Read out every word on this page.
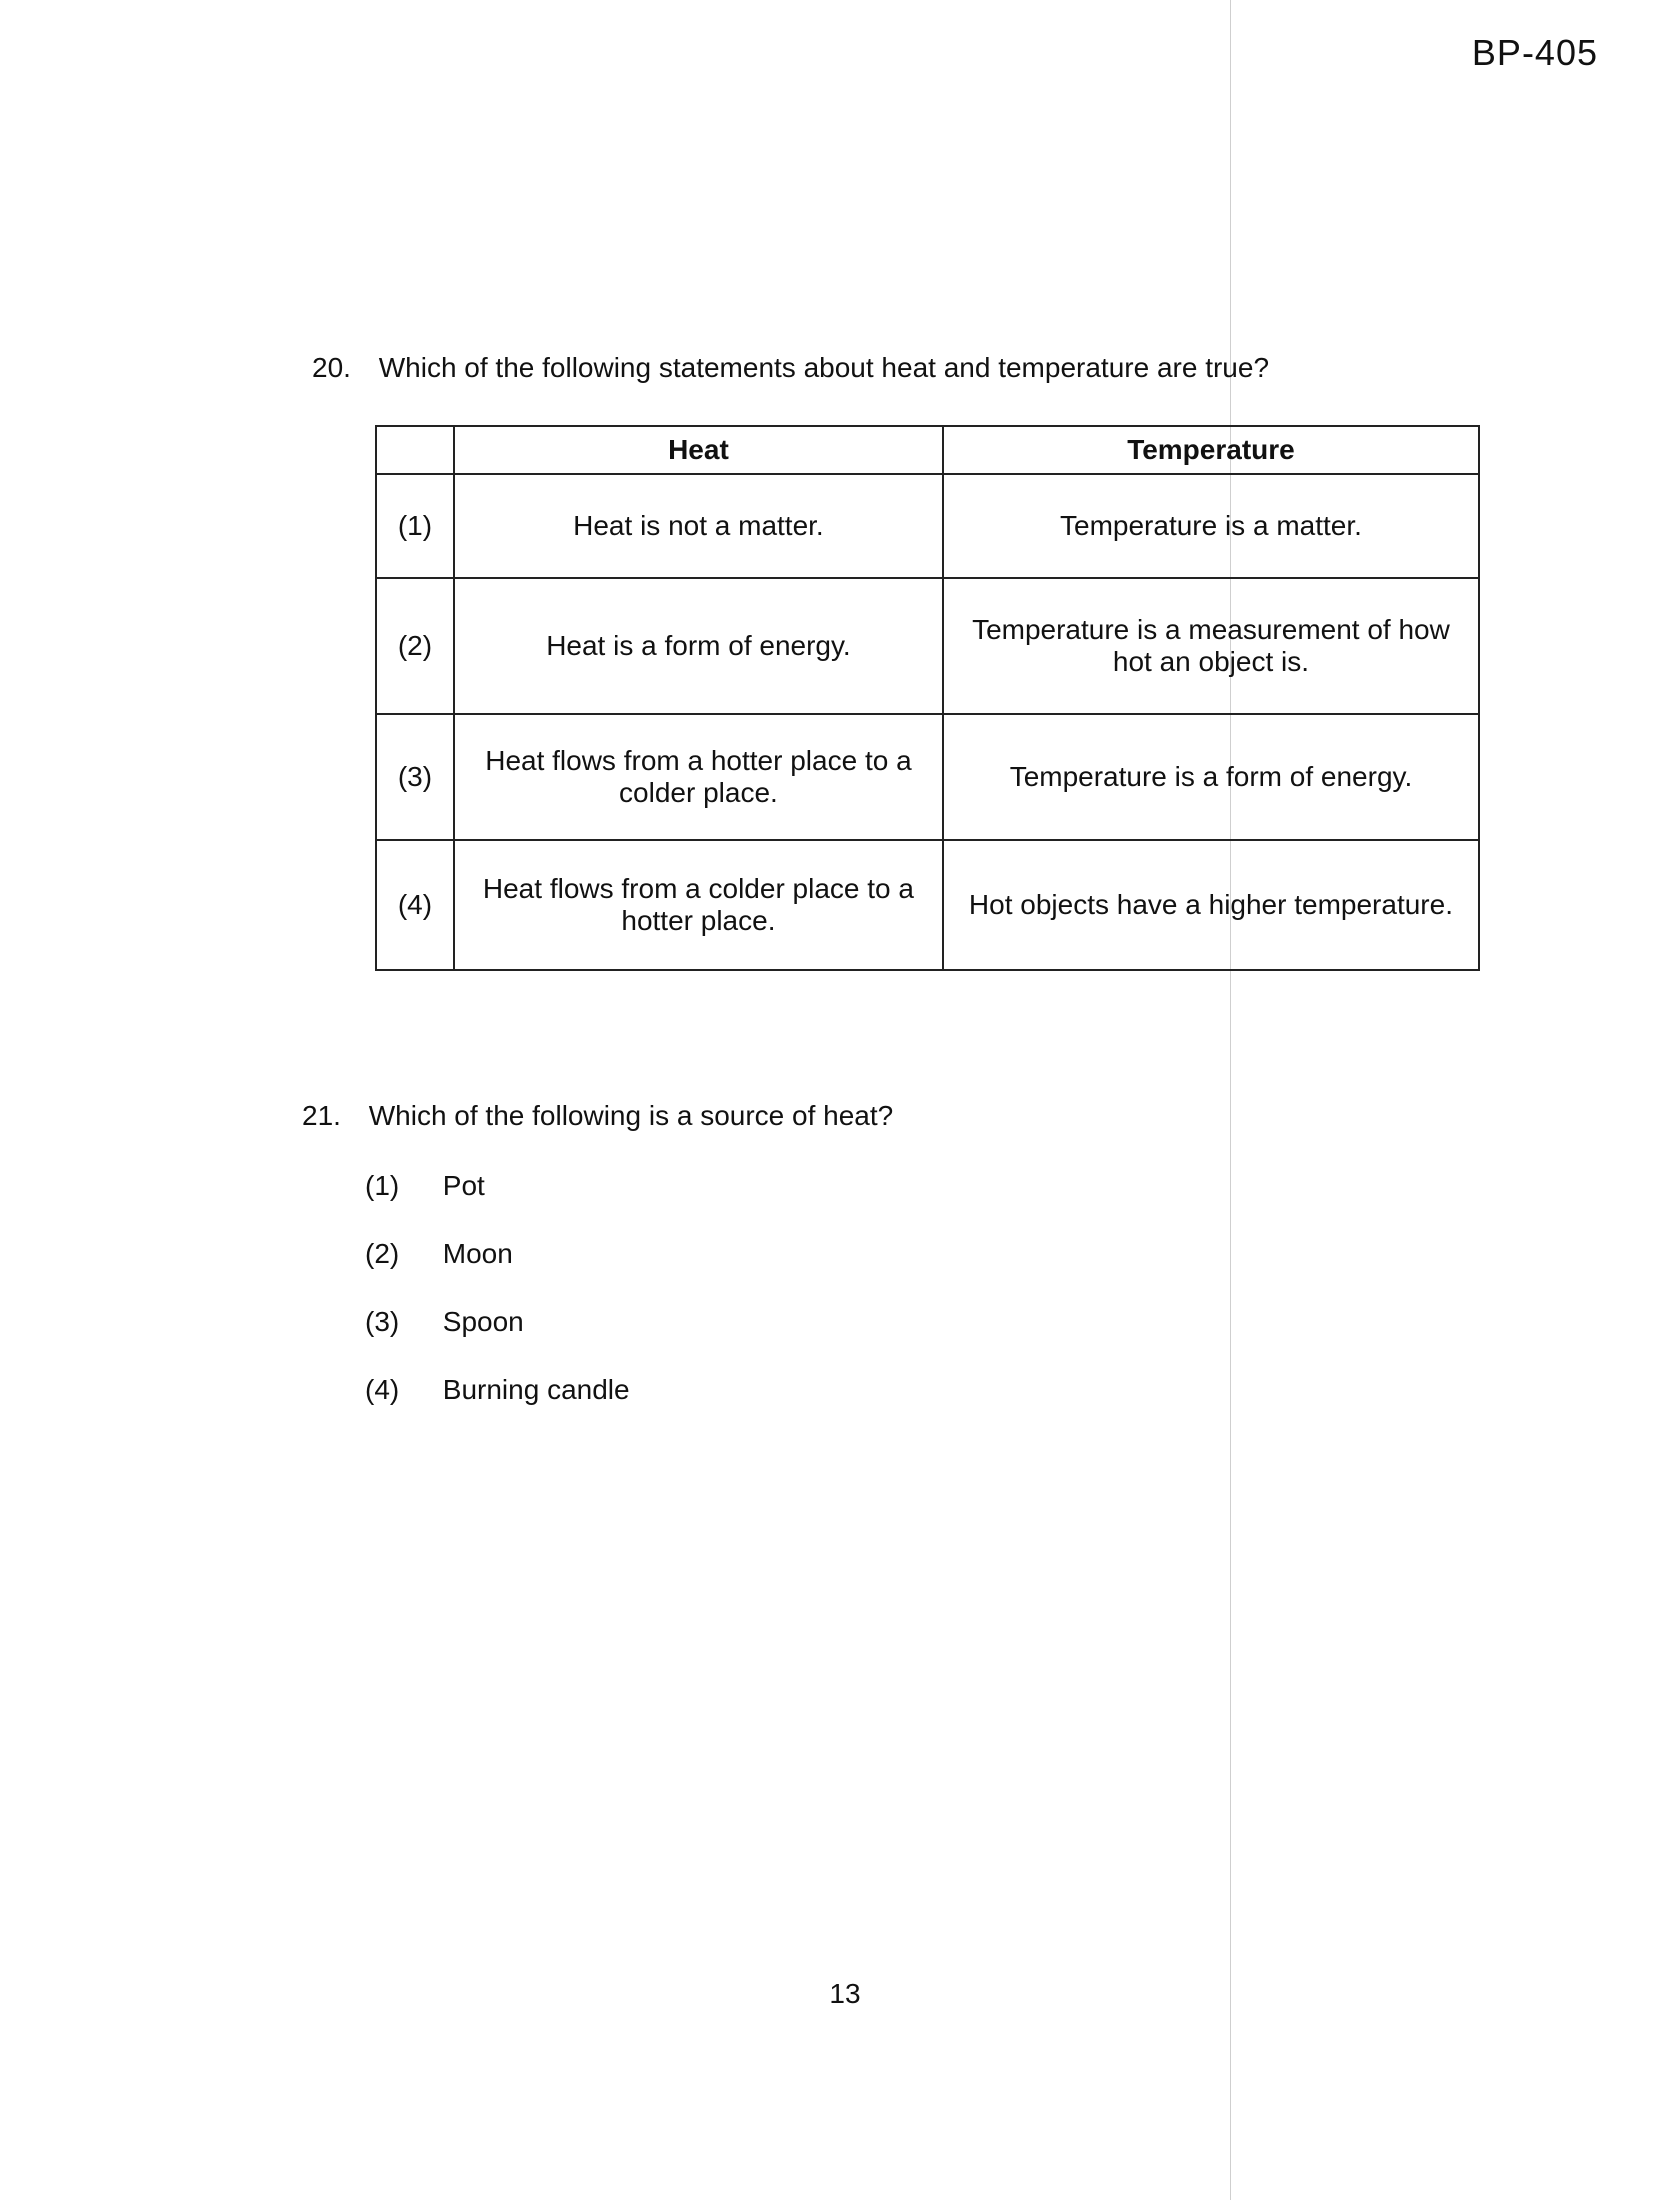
BP-405
20. Which of the following statements about heat and temperature are true?
	Heat	Temperature
(1)	Heat is not a matter.	Temperature is a matter.
(2)	Heat is a form of energy.	Temperature is a measurement of how hot an object is.
(3)	Heat flows from a hotter place to a colder place.	Temperature is a form of energy.
(4)	Heat flows from a colder place to a hotter place.	Hot objects have a higher temperature.
21. Which of the following is a source of heat?
(1) Pot
(2) Moon
(3) Spoon
(4) Burning candle
13
